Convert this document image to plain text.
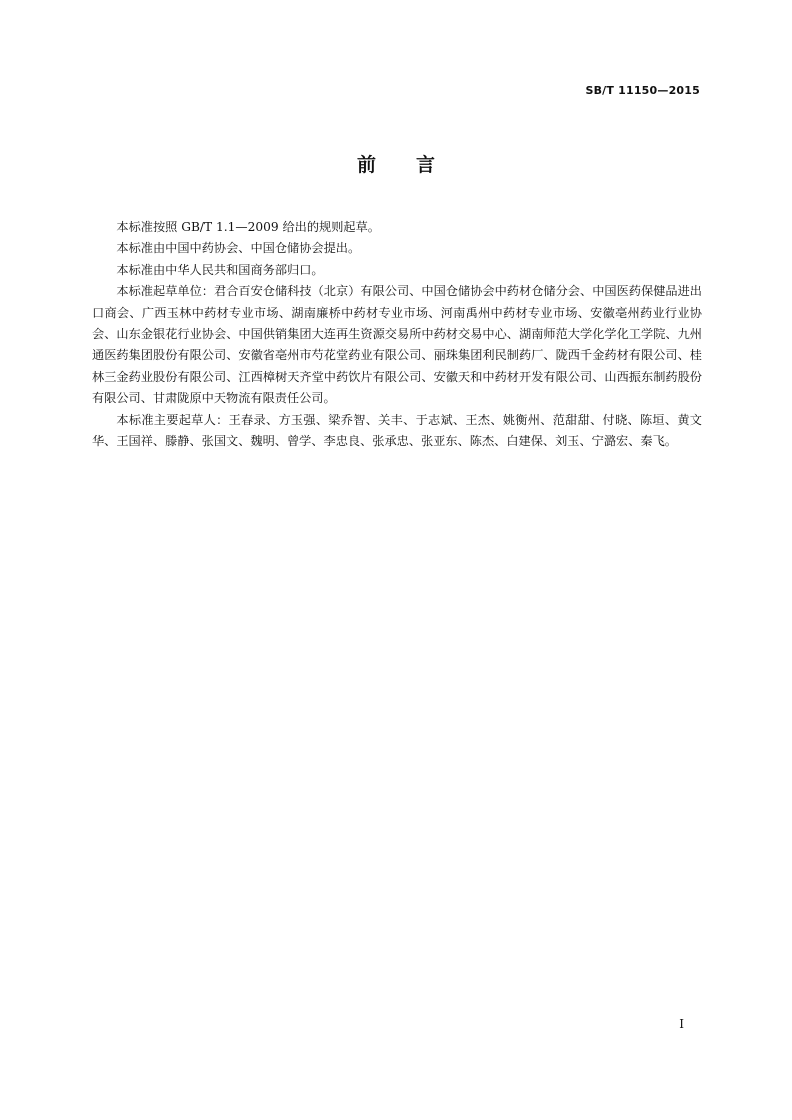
SB/T 11150—2015
前言

本标准按照 GB/T 1.1—2009 给出的规则起草。

本标准由中国中药协会、中国仓储协会提出。

本标准由中华人民共和国商务部归口。

本标准起草单位：君合百安仓储科技（北京）有限公司、中国仓储协会中药材仓储分会、中国医药保健品进出口商会、广西玉林中药材专业市场、湖南廉桥中药材专业市场、河南禹州中药材专业市场、安徽亳州药业行业协会、山东金银花行业协会、中国供销集团大连再生资源交易所中药材交易中心、湖南师范大学化学化工学院、九州通医药集团股份有限公司、安徽省亳州市芍花堂药业有限公司、丽珠集团利民制药厂、陇西千金药材有限公司、桂林三金药业股份有限公司、江西樟树天齐堂中药饮片有限公司、安徽天和中药材开发有限公司、山西振东制药股份有限公司、甘肃陇原中天物流有限责任公司。

本标准主要起草人：王春录、方玉强、梁乔智、关丰、于志斌、王杰、姚衡州、范甜甜、付晓、陈垣、黄文华、王国祥、滕静、张国文、魏明、曾学、李忠良、张承忠、张亚东、陈杰、白建保、刘玉、宁潞宏、秦飞。

I
